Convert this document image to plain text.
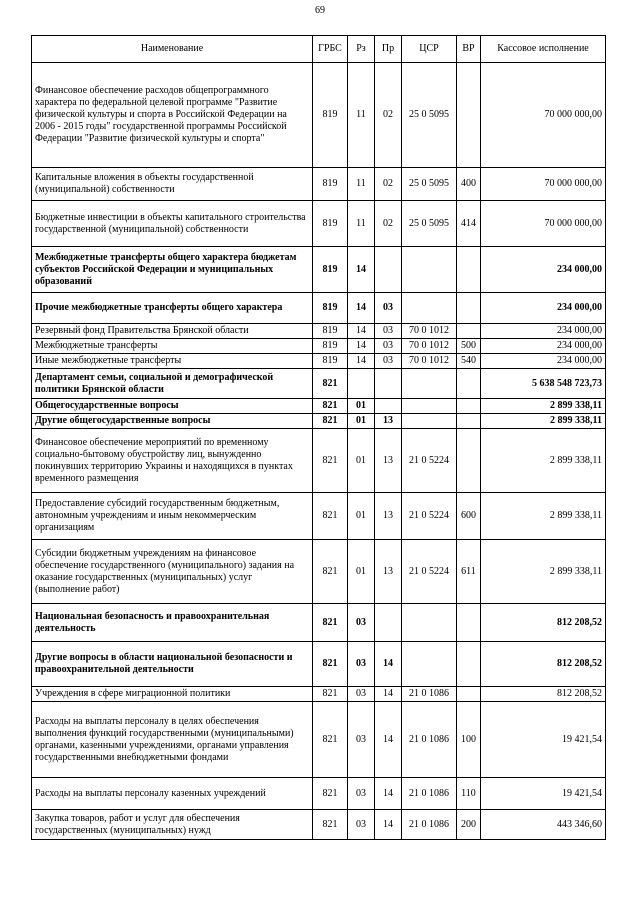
69
Наименование	ГРБС	Рз	Пр	ЦСР	ВР	Кассовое исполнение
Финансовое обеспечение расходов общепрограммного характера по федеральной целевой программе "Развитие физической культуры и спорта в Российской Федерации на 2006 - 2015 годы" государственной программы Российской Федерации "Развитие физической культуры и спорта"	819	11	02	25 0 5095		70 000 000,00
Капитальные вложения в объекты государственной (муниципальной) собственности	819	11	02	25 0 5095	400	70 000 000,00
Бюджетные инвестиции в объекты капитального строительства государственной (муниципальной) собственности	819	11	02	25 0 5095	414	70 000 000,00
Межбюджетные трансферты общего характера бюджетам субъектов Российской Федерации и муниципальных образований	819	14				234 000,00
Прочие межбюджетные трансферты общего характера	819	14	03			234 000,00
Резервный фонд Правительства Брянской области	819	14	03	70 0 1012		234 000,00
Межбюджетные трансферты	819	14	03	70 0 1012	500	234 000,00
Иные межбюджетные трансферты	819	14	03	70 0 1012	540	234 000,00
Департамент семьи, социальной и демографической политики Брянской области	821					5 638 548 723,73
Общегосударственные вопросы	821	01				2 899 338,11
Другие общегосударственные вопросы	821	01	13			2 899 338,11
Финансовое обеспечение мероприятий по временному социально-бытовому обустройству лиц, вынужденно покинувших территорию Украины и находящихся в пунктах временного размещения	821	01	13	21 0 5224		2 899 338,11
Предоставление субсидий государственным бюджетным, автономным учреждениям и иным некоммерческим организациям	821	01	13	21 0 5224	600	2 899 338,11
Субсидии бюджетным учреждениям на финансовое обеспечение государственного (муниципального) задания на оказание государственных (муниципальных) услуг (выполнение работ)	821	01	13	21 0 5224	611	2 899 338,11
Национальная безопасность и правоохранительная деятельность	821	03				812 208,52
Другие вопросы в области национальной безопасности и правоохранительной деятельности	821	03	14			812 208,52
Учреждения в сфере миграционной политики	821	03	14	21 0 1086		812 208,52
Расходы на выплаты персоналу в целях обеспечения выполнения функций государственными (муниципальными) органами, казенными учреждениями, органами управления государственными внебюджетными фондами	821	03	14	21 0 1086	100	19 421,54
Расходы на выплаты персоналу казенных учреждений	821	03	14	21 0 1086	110	19 421,54
Закупка товаров, работ и услуг для обеспечения государственных (муниципальных) нужд	821	03	14	21 0 1086	200	443 346,60
